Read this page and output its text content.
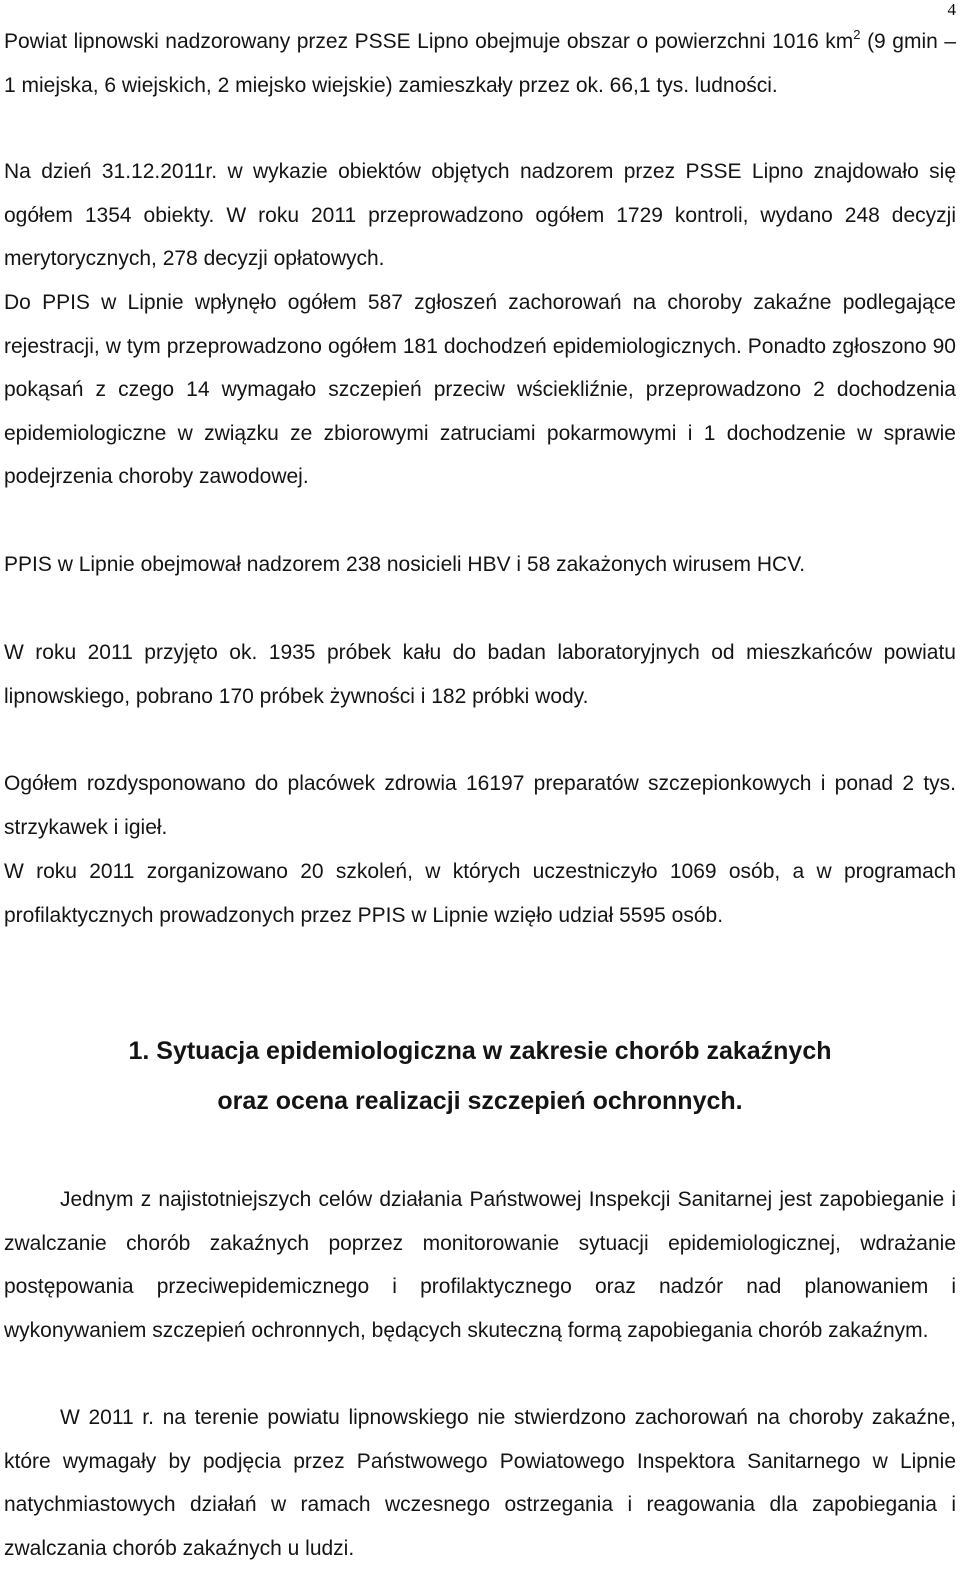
4

Powiat lipnowski nadzorowany przez PSSE Lipno obejmuje obszar o powierzchni 1016 $km^2$ (9 gmin – 1 miejska, 6 wiejskich, 2 miejsko wiejskie) zamieszkały przez ok. 66,1 tys. ludności.

Na dzień 31.12.2011r. w wykazie obiektów objętych nadzorem przez PSSE Lipno znajdowało się ogółem 1354 obiekty. W roku 2011 przeprowadzono ogółem 1729 kontroli, wydano 248 decyzji merytorycznych, 278 decyzji opłatowych.

Do PPIS w Lipnie wpłynęło ogółem 587 zgłoszeń zachorowań na choroby zakaźne podlegające rejestracji, w tym przeprowadzono ogółem 181 dochodzeń epidemiologicznych. Ponadto zgłoszono 90 pokąsań z czego 14 wymagało szczepień przeciw wściekliźnie, przeprowadzono 2 dochodzenia epidemiologiczne w związku ze zbiorowymi zatruciami pokarmowymi i 1 dochodzenie w sprawie podejrzenia choroby zawodowej.

PPIS w Lipnie obejmował nadzorem 238 nosicieli HBV i 58 zakażonych wirusem HCV.

W roku 2011 przyjęto ok. 1935 próbek kału do badan laboratoryjnych od mieszkańców powiatu lipnowskiego, pobrano 170 próbek żywności i 182 próbki wody.

Ogółem rozdysponowano do placówek zdrowia 16197 preparatów szczepionkowych i ponad 2 tys. strzykawek i igieł.

W roku 2011 zorganizowano 20 szkoleń, w których uczestniczyło 1069 osób, a w programach profilaktycznych prowadzonych przez PPIS w Lipnie wzięło udział 5595 osób.

1. Sytuacja epidemiologiczna w zakresie chorób zakaźnych
oraz ocena realizacji szczepień ochronnych.

Jednym z najistotniejszych celów działania Państwowej Inspekcji Sanitarnej jest zapobieganie i zwalczanie chorób zakaźnych poprzez monitorowanie sytuacji epidemiologicznej, wdrażanie postępowania przeciwepidemicznego i profilaktycznego oraz nadzór nad planowaniem i wykonywaniem szczepień ochronnych, będących skuteczną formą zapobiegania chorób zakaźnym.

W 2011 r. na terenie powiatu lipnowskiego nie stwierdzono zachorowań na choroby zakaźne, które wymagały by podjęcia przez Państwowego Powiatowego Inspektora Sanitarnego w Lipnie natychmiastowych działań w ramach wczesnego ostrzegania i reagowania dla zapobiegania i zwalczania chorób zakaźnych u ludzi.
